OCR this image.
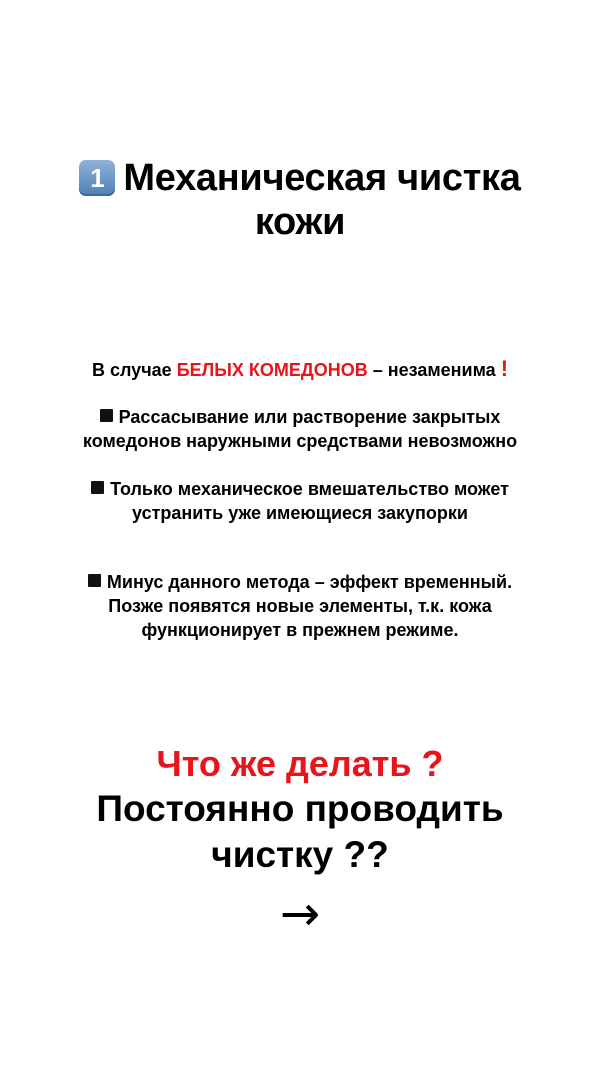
1 Механическая чистка
кожи
В случае БЕЛЫХ КОМЕДОНОВ – незаменима !
Рассасывание или растворение закрытых
комедонов наружными средствами невозможно
Только механическое вмешательство может
устранить уже имеющиеся закупорки
Минус данного метода – эффект временный.
Позже появятся новые элементы, т.к. кожа
функционирует в прежнем режиме.
Что же делать ?
Постоянно проводить
чистку ??
→
